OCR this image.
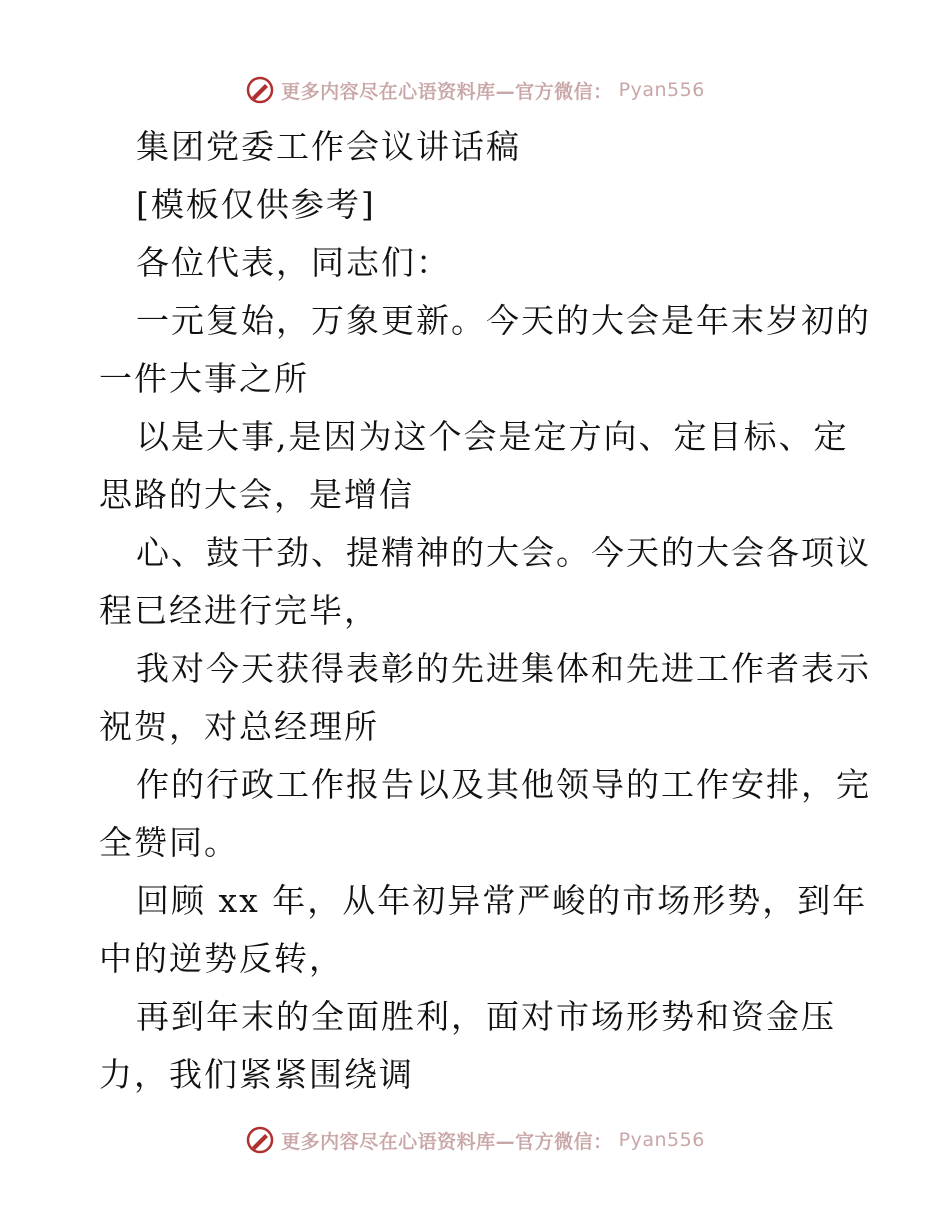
更多内容尽在心语资料库—官方微信： Pyan556
集团党委工作会议讲话稿
[模板仅供参考]
各位代表，同志们：
一元复始，万象更新。今天的大会是年末岁初的
一件大事之所
以是大事,是因为这个会是定方向、定目标、定
思路的大会，是增信
心、鼓干劲、提精神的大会。今天的大会各项议
程已经进行完毕，
我对今天获得表彰的先进集体和先进工作者表示
祝贺，对总经理所
作的行政工作报告以及其他领导的工作安排，完
全赞同。
回顾 xx 年，从年初异常严峻的市场形势，到年
中的逆势反转，
再到年末的全面胜利，面对市场形势和资金压
力，我们紧紧围绕调
更多内容尽在心语资料库—官方微信： Pyan556
